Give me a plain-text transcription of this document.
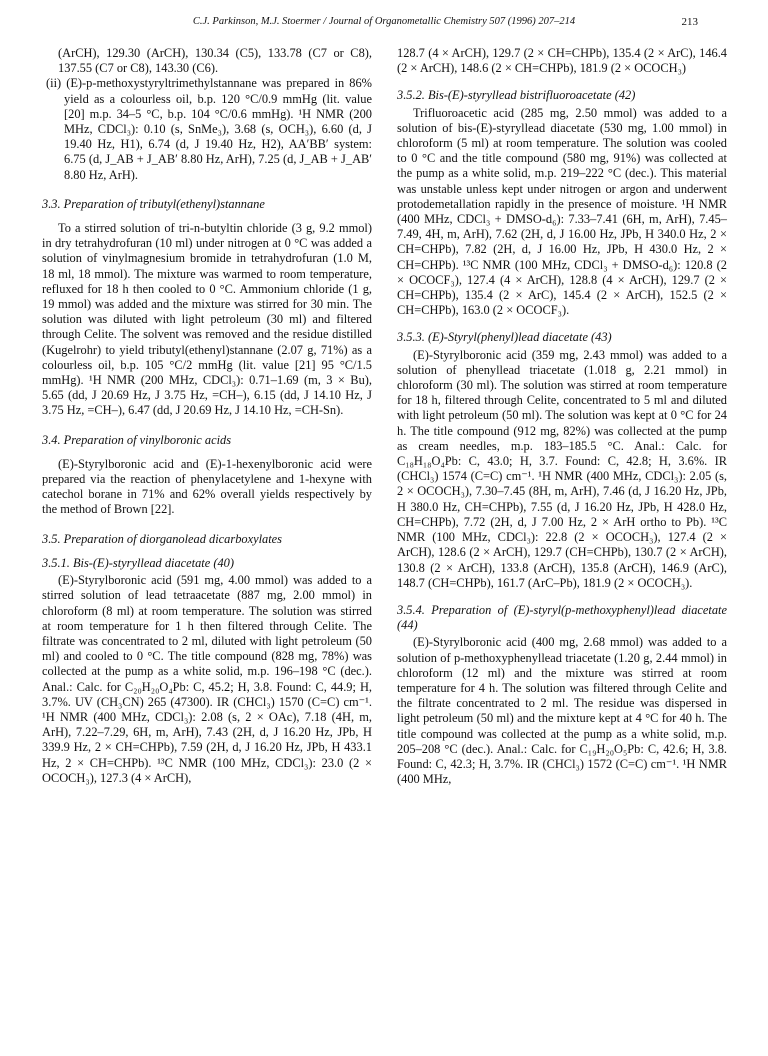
C.J. Parkinson, M.J. Stoermer / Journal of Organometallic Chemistry 507 (1996) 207–214	213

(ArCH), 129.30 (ArCH), 130.34 (C5), 133.78 (C7 or C8), 137.55 (C7 or C8), 143.30 (C6).

(ii) (E)-p-methoxystyryltrimethylstannane was prepared in 86% yield as a colourless oil, b.p. 120 °C/0.9 mmHg (lit. value [20] m.p. 34–5 °C, b.p. 104 °C/0.6 mmHg). ¹H NMR (200 MHz, CDCl₃): 0.10 (s, SnMe₃), 3.68 (s, OCH₃), 6.60 (d, J 19.40 Hz, H1), 6.74 (d, J 19.40 Hz, H2), AA′BB′ system: 6.75 (d, J_AB + J_AB′ 8.80 Hz, ArH), 7.25 (d, J_AB + J_AB′ 8.80 Hz, ArH).

3.3. Preparation of tributyl(ethenyl)stannane

To a stirred solution of tri-n-butyltin chloride (3 g, 9.2 mmol) in dry tetrahydrofuran (10 ml) under nitrogen at 0 °C was added a solution of vinylmagnesium bromide in tetrahydrofuran (1.0 M, 18 ml, 18 mmol). The mixture was warmed to room temperature, refluxed for 18 h then cooled to 0 °C. Ammonium chloride (1 g, 19 mmol) was added and the mixture was stirred for 30 min. The solution was diluted with light petroleum (30 ml) and filtered through Celite. The solvent was removed and the residue distilled (Kugelrohr) to yield tributyl(ethenyl)stannane (2.07 g, 71%) as a colourless oil, b.p. 105 °C/2 mmHg (lit. value [21] 95 °C/1.5 mmHg). ¹H NMR (200 MHz, CDCl₃): 0.71–1.69 (m, 3 × Bu), 5.65 (dd, J 20.69 Hz, J 3.75 Hz, =CH–), 6.15 (dd, J 14.10 Hz, J 3.75 Hz, =CH–), 6.47 (dd, J 20.69 Hz, J 14.10 Hz, =CH-Sn).

3.4. Preparation of vinylboronic acids

(E)-Styrylboronic acid and (E)-1-hexenylboronic acid were prepared via the reaction of phenylacetylene and 1-hexyne with catechol borane in 71% and 62% overall yields respectively by the method of Brown [22].

3.5. Preparation of diorganolead dicarboxylates

3.5.1. Bis-(E)-styryllead diacetate (40)

(E)-Styrylboronic acid (591 mg, 4.00 mmol) was added to a stirred solution of lead tetraacetate (887 mg, 2.00 mmol) in chloroform (8 ml) at room temperature. The solution was stirred at room temperature for 1 h then filtered through Celite. The filtrate was concentrated to 2 ml, diluted with light petroleum (50 ml) and cooled to 0 °C. The title compound (828 mg, 78%) was collected at the pump as a white solid, m.p. 196–198 °C (dec.). Anal.: Calc. for C₂₀H₂₀O₄Pb: C, 45.2; H, 3.8. Found: C, 44.9; H, 3.7%. UV (CH₃CN) 265 (47300). IR (CHCl₃) 1570 (C=C) cm⁻¹. ¹H NMR (400 MHz, CDCl₃): 2.08 (s, 2 × OAc), 7.18 (4H, m, ArH), 7.22–7.29, 6H, m, ArH), 7.43 (2H, d, J 16.20 Hz, JPb, H 339.9 Hz, 2 × CH=CHPb), 7.59 (2H, d, J 16.20 Hz, JPb, H 433.1 Hz, 2 × CH=CHPb). ¹³C NMR (100 MHz, CDCl₃): 23.0 (2 × OCOCH₃), 127.3 (4 × ArCH),

128.7 (4 × ArCH), 129.7 (2 × CH=CHPb), 135.4 (2 × ArC), 146.4 (2 × ArCH), 148.6 (2 × CH=CHPb), 181.9 (2 × OCOCH₃)

3.5.2. Bis-(E)-styryllead bistrifluoroacetate (42)

Trifluoroacetic acid (285 mg, 2.50 mmol) was added to a solution of bis-(E)-styryllead diacetate (530 mg, 1.00 mmol) in chloroform (5 ml) at room temperature. The solution was cooled to 0 °C and the title compound (580 mg, 91%) was collected at the pump as a white solid, m.p. 219–222 °C (dec.). This material was unstable unless kept under nitrogen or argon and underwent protodemetallation rapidly in the presence of moisture. ¹H NMR (400 MHz, CDCl₃ + DMSO-d₆): 7.33–7.41 (6H, m, ArH), 7.45–7.49, 4H, m, ArH), 7.62 (2H, d, J 16.00 Hz, JPb, H 340.0 Hz, 2 × CH=CHPb), 7.82 (2H, d, J 16.00 Hz, JPb, H 430.0 Hz, 2 × CH=CHPb). ¹³C NMR (100 MHz, CDCl₃ + DMSO-d₆): 120.8 (2 × OCOCF₃), 127.4 (4 × ArCH), 128.8 (4 × ArCH), 129.7 (2 × CH=CHPb), 135.4 (2 × ArC), 145.4 (2 × ArCH), 152.5 (2 × CH=CHPb), 163.0 (2 × OCOCF₃).

3.5.3. (E)-Styryl(phenyl)lead diacetate (43)

(E)-Styrylboronic acid (359 mg, 2.43 mmol) was added to a solution of phenyllead triacetate (1.018 g, 2.21 mmol) in chloroform (30 ml). The solution was stirred at room temperature for 18 h, filtered through Celite, concentrated to 5 ml and diluted with light petroleum (50 ml). The solution was kept at 0 °C for 24 h. The title compound (912 mg, 82%) was collected at the pump as cream needles, m.p. 183–185.5 °C. Anal.: Calc. for C₁₈H₁₈O₄Pb: C, 43.0; H, 3.7. Found: C, 42.8; H, 3.6%. IR (CHCl₃) 1574 (C=C) cm⁻¹. ¹H NMR (400 MHz, CDCl₃): 2.05 (s, 2 × OCOCH₃), 7.30–7.45 (8H, m, ArH), 7.46 (d, J 16.20 Hz, JPb, H 380.0 Hz, CH=CHPb), 7.55 (d, J 16.20 Hz, JPb, H 428.0 Hz, CH=CHPb), 7.72 (2H, d, J 7.00 Hz, 2 × ArH ortho to Pb). ¹³C NMR (100 MHz, CDCl₃): 22.8 (2 × OCOCH₃), 127.4 (2 × ArCH), 128.6 (2 × ArCH), 129.7 (CH=CHPb), 130.7 (2 × ArCH), 130.8 (2 × ArCH), 133.8 (ArCH), 135.8 (ArCH), 146.9 (ArC), 148.7 (CH=CHPb), 161.7 (ArC–Pb), 181.9 (2 × OCOCH₃).

3.5.4. Preparation of (E)-styryl(p-methoxyphenyl)lead diacetate (44)

(E)-Styrylboronic acid (400 mg, 2.68 mmol) was added to a solution of p-methoxyphenyllead triacetate (1.20 g, 2.44 mmol) in chloroform (12 ml) and the mixture was stirred at room temperature for 4 h. The solution was filtered through Celite and the filtrate concentrated to 2 ml. The residue was dispersed in light petroleum (50 ml) and the mixture kept at 4 °C for 40 h. The title compound was collected at the pump as a white solid, m.p. 205–208 °C (dec.). Anal.: Calc. for C₁₉H₂₀O₅Pb: C, 42.6; H, 3.8. Found: C, 42.3; H, 3.7%. IR (CHCl₃) 1572 (C=C) cm⁻¹. ¹H NMR (400 MHz,
